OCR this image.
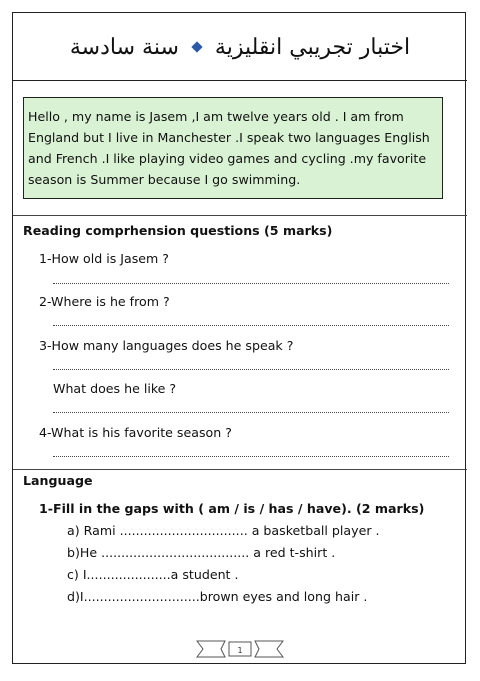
اختبار تجريبي انقليزية
سنة سادسة
Hello , my name is Jasem ,I am twelve years old . I am from
England but I live in Manchester .I speak two languages English
and French .I like playing video games and cycling .my favorite
season is Summer because I go swimming.
Reading comprhension questions (5 marks)
1-How old is Jasem ?
2-Where is he from ?
3-How many languages does he speak ?
What does he like ?
4-What is his favorite season ?
Language
1-Fill in the gaps with ( am / is / has / have). (2 marks)
a) Rami ................................ a basketball player .
b)He ..................................... a red t-shirt .
c) I.....................a student .
d)I.............................brown eyes and long hair .
1
